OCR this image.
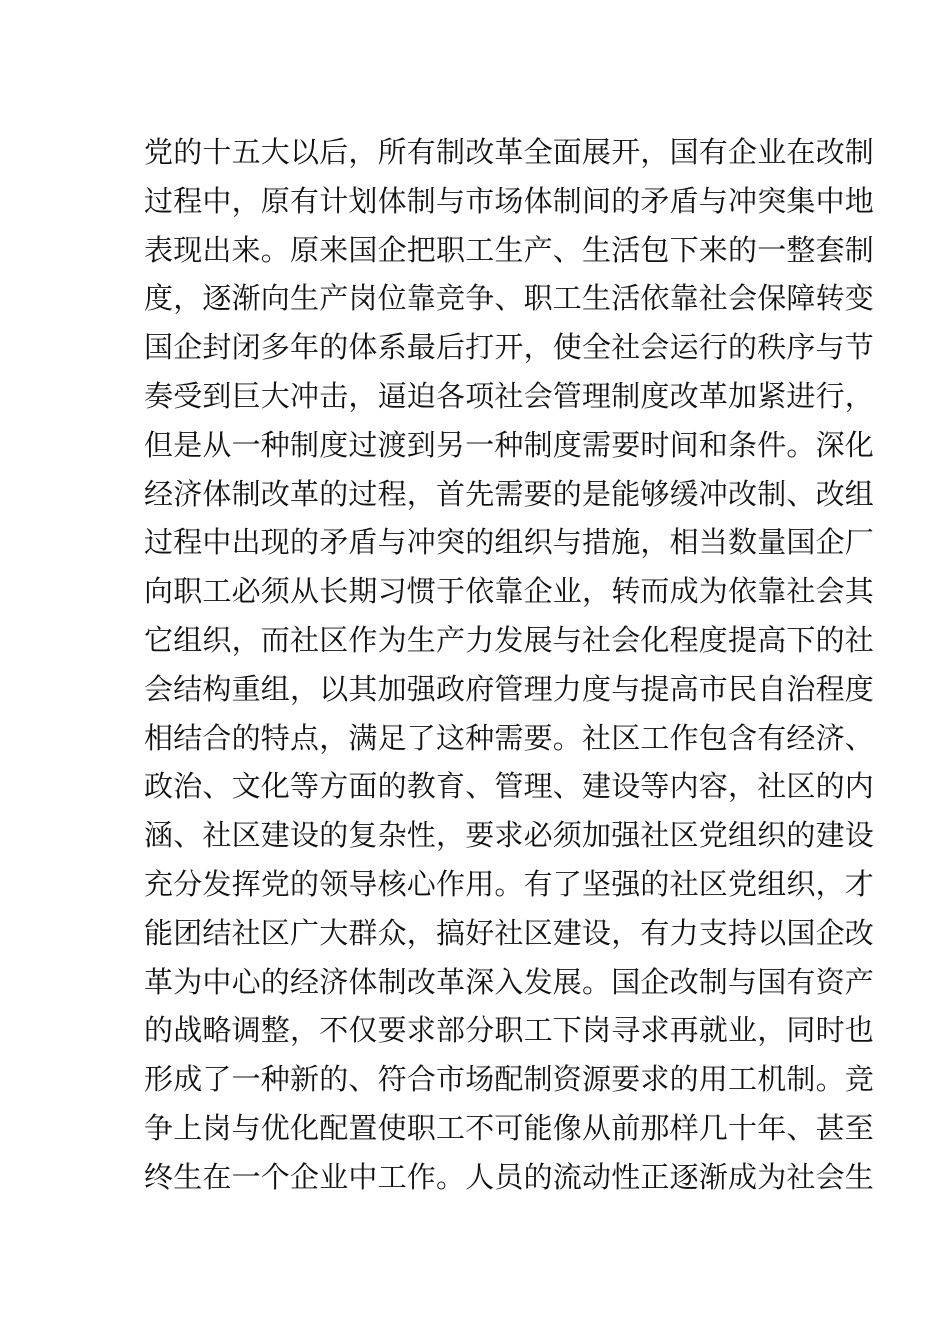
党的十五大以后，所有制改革全面展开，国有企业在改制
过程中，原有计划体制与市场体制间的矛盾与冲突集中地
表现出来。原来国企把职工生产、生活包下来的一整套制
度，逐渐向生产岗位靠竞争、职工生活依靠社会保障转变
国企封闭多年的体系最后打开，使全社会运行的秩序与节
奏受到巨大冲击，逼迫各项社会管理制度改革加紧进行，
但是从一种制度过渡到另一种制度需要时间和条件。深化
经济体制改革的过程，首先需要的是能够缓冲改制、改组
过程中出现的矛盾与冲突的组织与措施，相当数量国企厂
向职工必须从长期习惯于依靠企业，转而成为依靠社会其
它组织，而社区作为生产力发展与社会化程度提高下的社
会结构重组，以其加强政府管理力度与提高市民自治程度
相结合的特点，满足了这种需要。社区工作包含有经济、
政治、文化等方面的教育、管理、建设等内容，社区的内
涵、社区建设的复杂性，要求必须加强社区党组织的建设
充分发挥党的领导核心作用。有了坚强的社区党组织，才
能团结社区广大群众，搞好社区建设，有力支持以国企改
革为中心的经济体制改革深入发展。国企改制与国有资产
的战略调整，不仅要求部分职工下岗寻求再就业，同时也
形成了一种新的、符合市场配制资源要求的用工机制。竞
争上岗与优化配置使职工不可能像从前那样几十年、甚至
终生在一个企业中工作。人员的流动性正逐渐成为社会生
